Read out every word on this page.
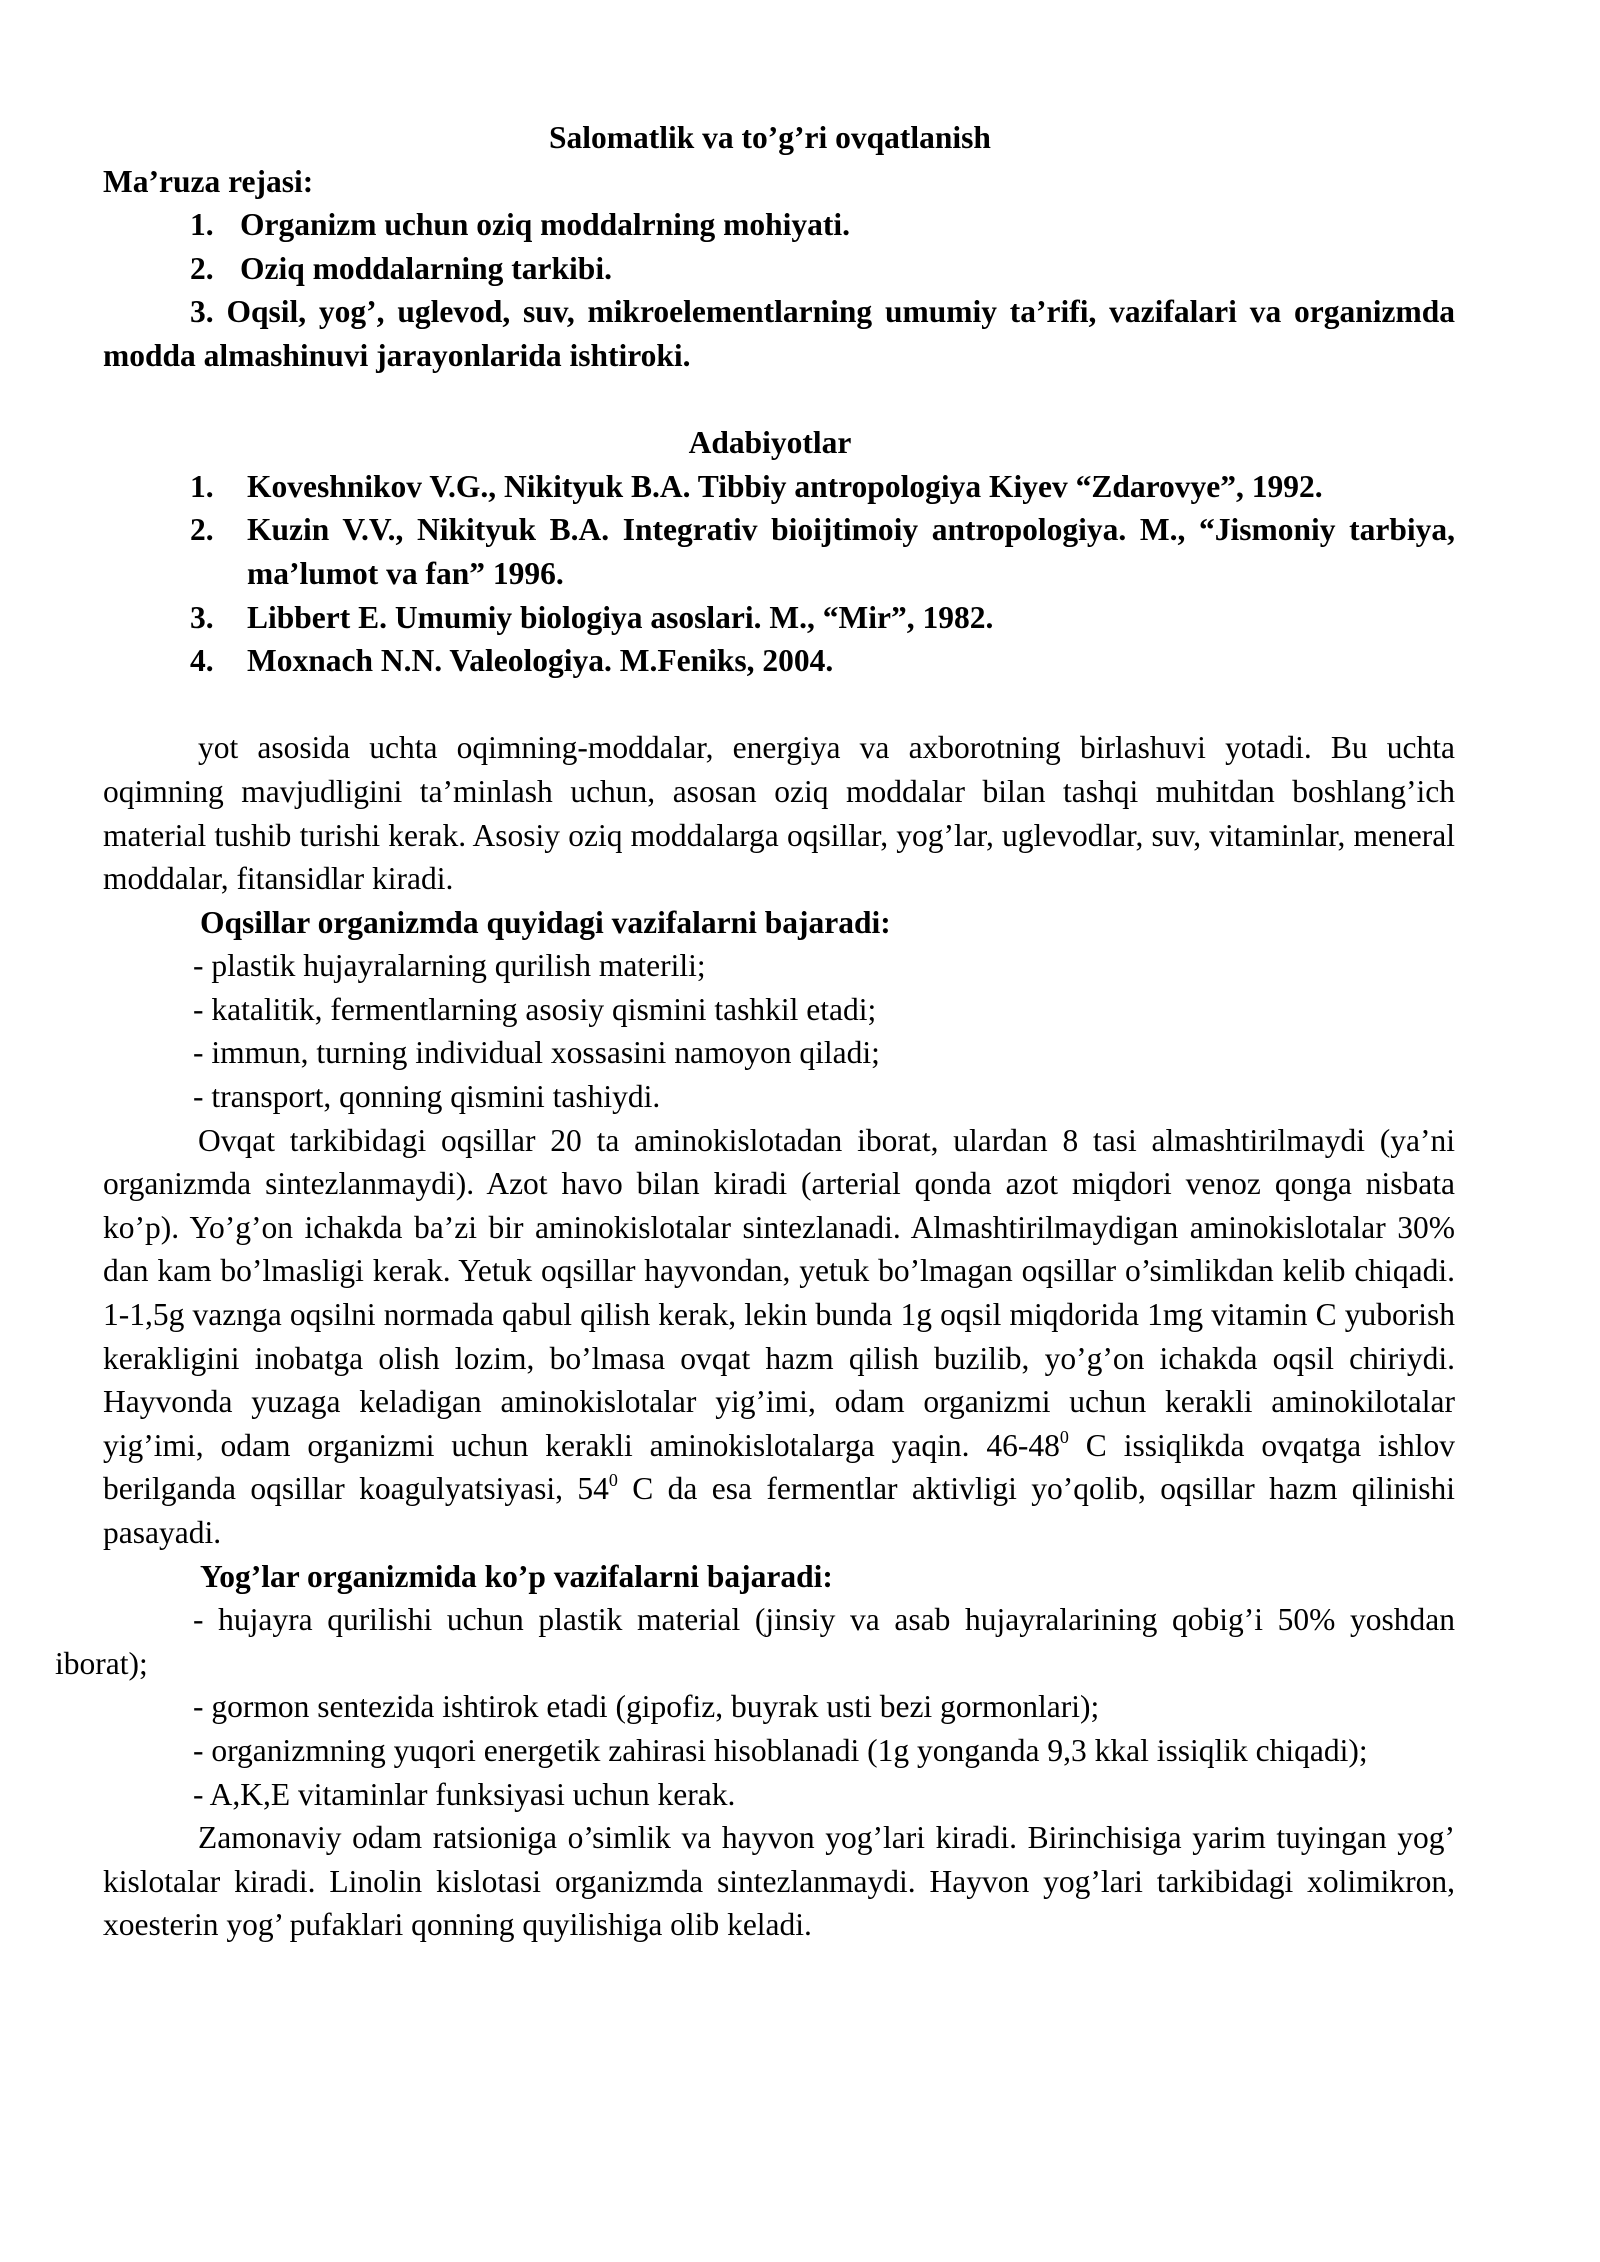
Salomatlik va to’g’ri ovqatlanish

Ma’ruza rejasi:

1. Organizm uchun oziq moddalrning mohiyati.

2. Oziq moddalarning tarkibi.

3. Oqsil, yog’, uglevod, suv, mikroelementlarning umumiy ta’rifi, vazifalari va organizmda modda almashinuvi jarayonlarida ishtiroki.

Adabiyotlar

1.	Koveshnikov V.G., Nikityuk B.A. Tibbiy antropologiya Kiyev “Zdarovye”, 1992.
2.	Kuzin V.V., Nikityuk B.A. Integrativ bioijtimoiy antropologiya. M., “Jismoniy tarbiya, ma’lumot va fan” 1996.
3.	Libbert E. Umumiy biologiya asoslari. M., “Mir”, 1982.
4.	Moxnach N.N. Valeologiya. M.Feniks, 2004.

yot asosida uchta oqimning-moddalar, energiya va axborotning birlashuvi yotadi. Bu uchta oqimning mavjudligini ta’minlash uchun, asosan oziq moddalar bilan tashqi muhitdan boshlang’ich material tushib turishi kerak. Asosiy oziq moddalarga oqsillar, yog’lar, uglevodlar, suv, vitaminlar, meneral moddalar, fitansidlar kiradi.

Oqsillar organizmda quyidagi vazifalarni bajaradi:

- plastik hujayralarning qurilish materili;

- katalitik, fermentlarning asosiy qismini tashkil etadi;

- immun, turning individual xossasini namoyon qiladi;

- transport, qonning qismini tashiydi.

Ovqat tarkibidagi oqsillar 20 ta aminokislotadan iborat, ulardan 8 tasi almashtirilmaydi (ya’ni organizmda sintezlanmaydi). Azot havo bilan kiradi (arterial qonda azot miqdori venoz qonga nisbata ko’p). Yo’g’on ichakda ba’zi bir aminokislotalar sintezlanadi. Almashtirilmaydigan aminokislotalar 30% dan kam bo’lmasligi kerak. Yetuk oqsillar hayvondan, yetuk bo’lmagan oqsillar o’simlikdan kelib chiqadi. 1-1,5g vaznga oqsilni normada qabul qilish kerak, lekin bunda 1g oqsil miqdorida 1mg vitamin C yuborish kerakligini inobatga olish lozim, bo’lmasa ovqat hazm qilish buzilib, yo’g’on ichakda oqsil chiriydi. Hayvonda yuzaga keladigan aminokislotalar yig’imi, odam organizmi uchun kerakli aminokilotalar yig’imi, odam organizmi uchun kerakli aminokislotalarga yaqin. $46-48^0$ C issiqlikda ovqatga ishlov berilganda oqsillar koagulyatsiyasi, $54^0$ C da esa fermentlar aktivligi yo’qolib, oqsillar hazm qilinishi pasayadi.

Yog’lar organizmida ko’p vazifalarni bajaradi:

- hujayra qurilishi uchun plastik material (jinsiy va asab hujayralarining qobig’i 50% yoshdan iborat);

- gormon sentezida ishtirok etadi (gipofiz, buyrak usti bezi gormonlari);

- organizmning yuqori energetik zahirasi hisoblanadi (1g yonganda 9,3 kkal issiqlik chiqadi);

- A,K,E vitaminlar funksiyasi uchun kerak.

Zamonaviy odam ratsioniga o’simlik va hayvon yog’lari kiradi. Birinchisiga yarim tuyingan yog’ kislotalar kiradi. Linolin kislotasi organizmda sintezlanmaydi. Hayvon yog’lari tarkibidagi xolimikron, xoesterin yog’ pufaklari qonning quyilishiga olib keladi.
